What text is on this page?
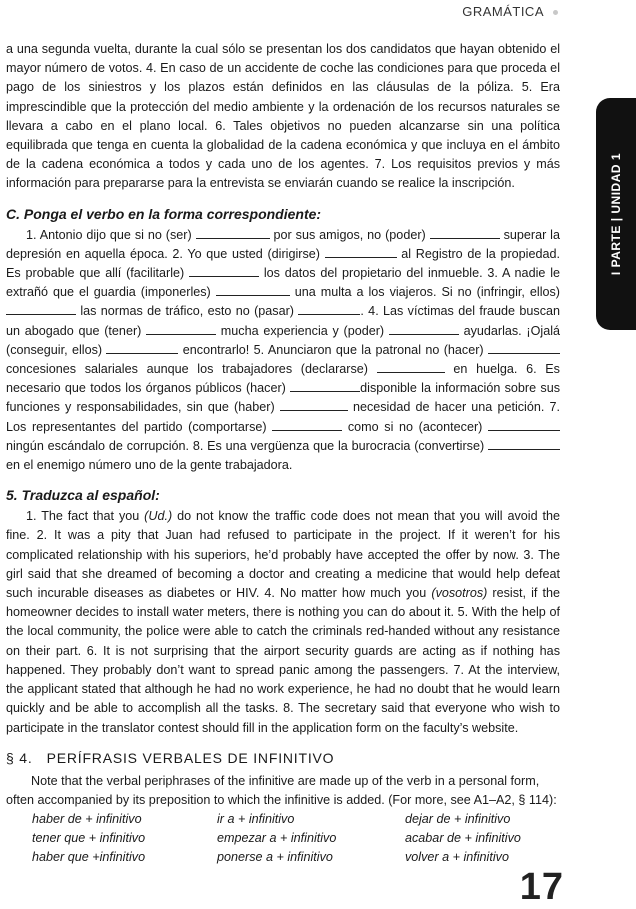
GRAMÁTICA
I PARTE | UNIDAD 1

a una segunda vuelta, durante la cual sólo se presentan los dos candidatos que hayan obtenido el mayor número de votos. 4. En caso de un accidente de coche las condiciones para que proceda el pago de los siniestros y los plazos están definidos en las cláusulas de la póliza. 5. Era imprescindible que la protección del medio ambiente y la ordenación de los recursos naturales se llevara a cabo en el plano local. 6. Tales objetivos no pueden alcanzarse sin una política equilibrada que tenga en cuenta la globalidad de la cadena económica y que incluya en el ámbito de la cadena económica a todos y cada uno de los agentes. 7. Los requisitos previos y más información para prepararse para la entrevista se enviarán cuando se realice la inscripción.

C. Ponga el verbo en la forma correspondiente:

1. Antonio dijo que si no (ser)	por sus amigos, no (poder)	superar la depresión en aquella época. 2. Yo que usted (dirigirse)	al Registro de la propiedad. Es probable que allí (facilitarle)	los datos del propietario del inmueble. 3. A nadie le extrañó que el guardia (imponerles)	una multa a los viajeros. Si no (infringir, ellos)  las normas de tráfico, esto no (pasar)	. 4. Las víctimas del fraude buscan un abogado que (tener)	mucha experiencia y (poder)	ayudarlas. ¡Ojalá (conseguir, ellos)	encontrarlo! 5. Anunciaron que la patronal no (hacer)  concesiones salariales aunque los trabajadores (declararse)	en huelga. 6. Es necesario que todos los órganos públicos (hacer)	disponible la información sobre sus funciones y responsabilidades, sin que (haber)	necesidad de hacer una petición. 7. Los representantes del partido (comportarse)	como si no (acontecer)  ningún escándalo de corrupción. 8. Es una vergüenza que la burocracia (convertirse)  en el enemigo número uno de la gente trabajadora.

5. Traduzca al español:

1. The fact that you (Ud.) do not know the traffic code does not mean that you will avoid the fine. 2. It was a pity that Juan had refused to participate in the project. If it weren’t for his complicated relationship with his superiors, he’d probably have accepted the offer by now. 3. The girl said that she dreamed of becoming a doctor and creating a medicine that would help defeat such incurable diseases as diabetes or HIV. 4. No matter how much you (vosotros) resist, if the homeowner decides to install water meters, there is nothing you can do about it. 5. With the help of the local community, the police were able to catch the criminals red-handed without any resistance on their part. 6. It is not surprising that the airport security guards are acting as if nothing has happened. They probably don’t want to spread panic among the passengers. 7. At the interview, the applicant stated that although he had no work experience, he had no doubt that he would learn quickly and be able to accomplish all the tasks. 8. The secretary said that everyone who wish to participate in the translator contest should fill in the application form on the faculty’s website.

§ 4. PERÍFRASIS VERBALES DE INFINITIVO

Note that the verbal periphrases of the infinitive are made up of the verb in a personal form, often accompanied by its preposition to which the infinitive is added. (For more, see A1–A2, § 114):

haber de + infinitivo	ir a + infinitivo	dejar de + infinitivo
tener que + infinitivo	empezar a + infinitivo	acabar de + infinitivo
haber que +infinitivo	ponerse a + infinitivo	volver a + infinitivo
17
